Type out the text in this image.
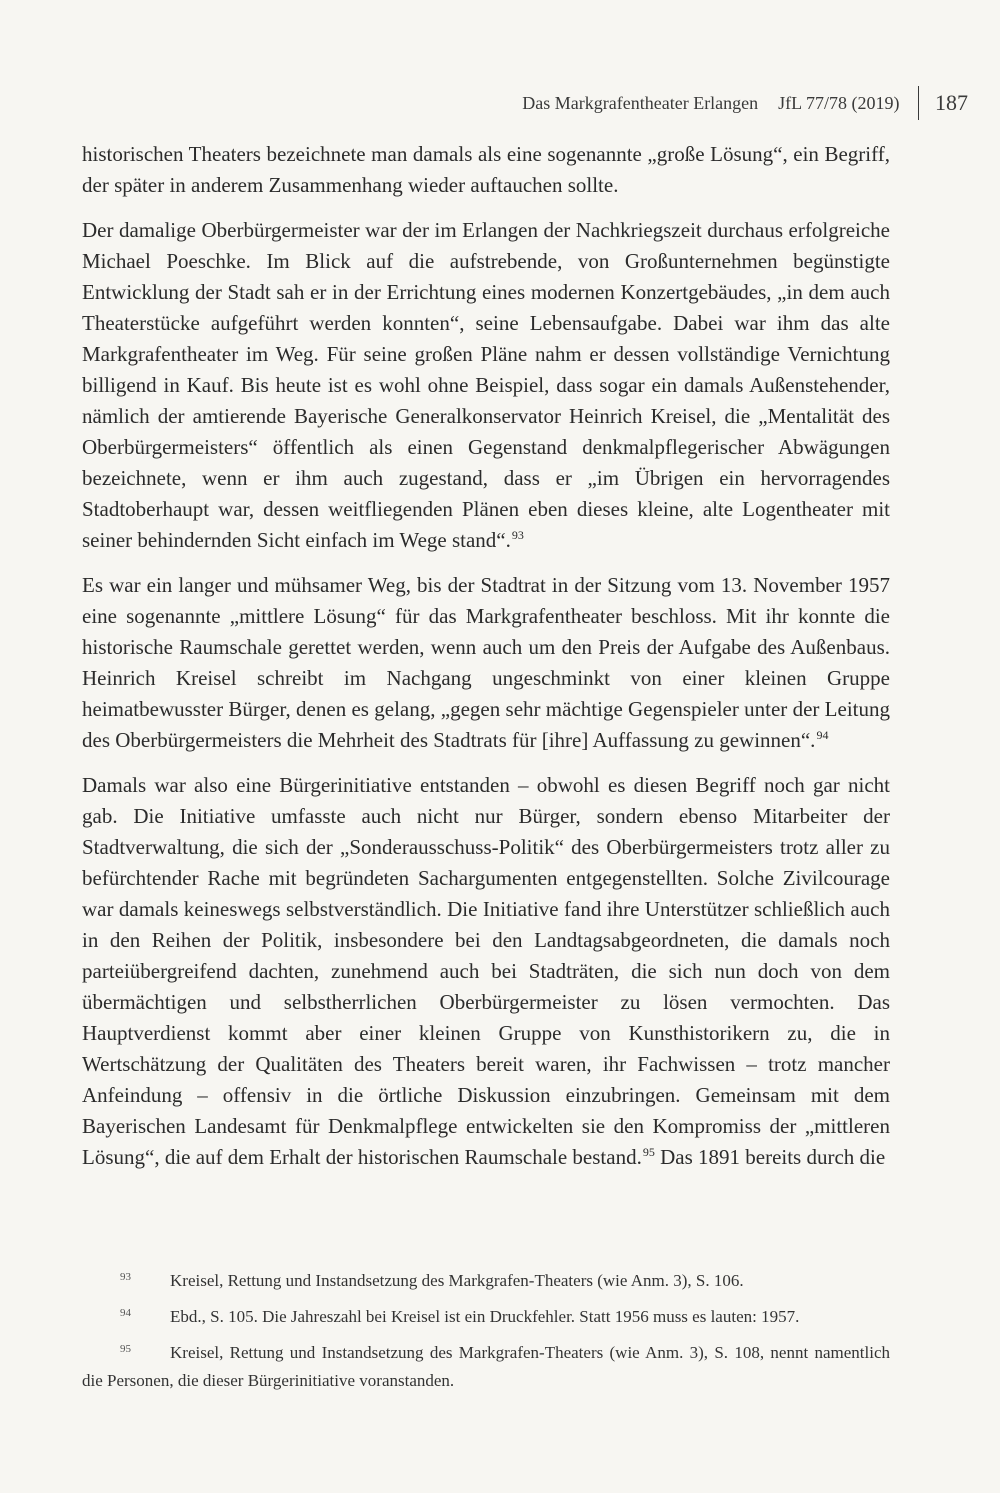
Das Markgrafentheater Erlangen JfL 77/78 (2019) 187

historischen Theaters bezeichnete man damals als eine sogenannte „große Lösung“, ein Begriff, der später in anderem Zusammenhang wieder auftauchen sollte.

Der damalige Oberbürgermeister war der im Erlangen der Nachkriegszeit durchaus erfolgreiche Michael Poeschke. Im Blick auf die aufstrebende, von Großunternehmen begünstigte Entwicklung der Stadt sah er in der Errichtung eines modernen Konzertgebäudes, „in dem auch Theaterstücke aufgeführt werden konnten“, seine Lebensaufgabe. Dabei war ihm das alte Markgrafentheater im Weg. Für seine großen Pläne nahm er dessen vollständige Vernichtung billigend in Kauf. Bis heute ist es wohl ohne Beispiel, dass sogar ein damals Außenstehender, nämlich der amtierende Bayerische Generalkonservator Heinrich Kreisel, die „Mentalität des Oberbürgermeisters“ öffentlich als einen Gegenstand denkmalpflegerischer Abwägungen bezeichnete, wenn er ihm auch zugestand, dass er „im Übrigen ein hervorragendes Stadtoberhaupt war, dessen weitfliegenden Plänen eben dieses kleine, alte Logentheater mit seiner behindernden Sicht einfach im Wege stand“.$^{93}$

Es war ein langer und mühsamer Weg, bis der Stadtrat in der Sitzung vom 13. November 1957 eine sogenannte „mittlere Lösung“ für das Markgrafentheater beschloss. Mit ihr konnte die historische Raumschale gerettet werden, wenn auch um den Preis der Aufgabe des Außenbaus. Heinrich Kreisel schreibt im Nachgang ungeschminkt von einer kleinen Gruppe heimatbewusster Bürger, denen es gelang, „gegen sehr mächtige Gegenspieler unter der Leitung des Oberbürgermeisters die Mehrheit des Stadtrats für [ihre] Auffassung zu gewinnen“.$^{94}$

Damals war also eine Bürgerinitiative entstanden – obwohl es diesen Begriff noch gar nicht gab. Die Initiative umfasste auch nicht nur Bürger, sondern ebenso Mitarbeiter der Stadtverwaltung, die sich der „Sonderausschuss-Politik“ des Oberbürgermeisters trotz aller zu befürchtender Rache mit begründeten Sachargumenten entgegenstellten. Solche Zivilcourage war damals keineswegs selbstverständlich. Die Initiative fand ihre Unterstützer schließlich auch in den Reihen der Politik, insbesondere bei den Landtagsabgeordneten, die damals noch parteiübergreifend dachten, zunehmend auch bei Stadträten, die sich nun doch von dem übermächtigen und selbstherrlichen Oberbürgermeister zu lösen vermochten. Das Hauptverdienst kommt aber einer kleinen Gruppe von Kunsthistorikern zu, die in Wertschätzung der Qualitäten des Theaters bereit waren, ihr Fachwissen – trotz mancher Anfeindung – offensiv in die örtliche Diskussion einzubringen. Gemeinsam mit dem Bayerischen Landesamt für Denkmalpflege entwickelten sie den Kompromiss der „mittleren Lösung“, die auf dem Erhalt der historischen Raumschale bestand.$^{95}$ Das 1891 bereits durch die

93 Kreisel, Rettung und Instandsetzung des Markgrafen-Theaters (wie Anm. 3), S. 106.

94 Ebd., S. 105. Die Jahreszahl bei Kreisel ist ein Druckfehler. Statt 1956 muss es lauten: 1957.

95 Kreisel, Rettung und Instandsetzung des Markgrafen-Theaters (wie Anm. 3), S. 108, nennt namentlich die Personen, die dieser Bürgerinitiative voranstanden.
